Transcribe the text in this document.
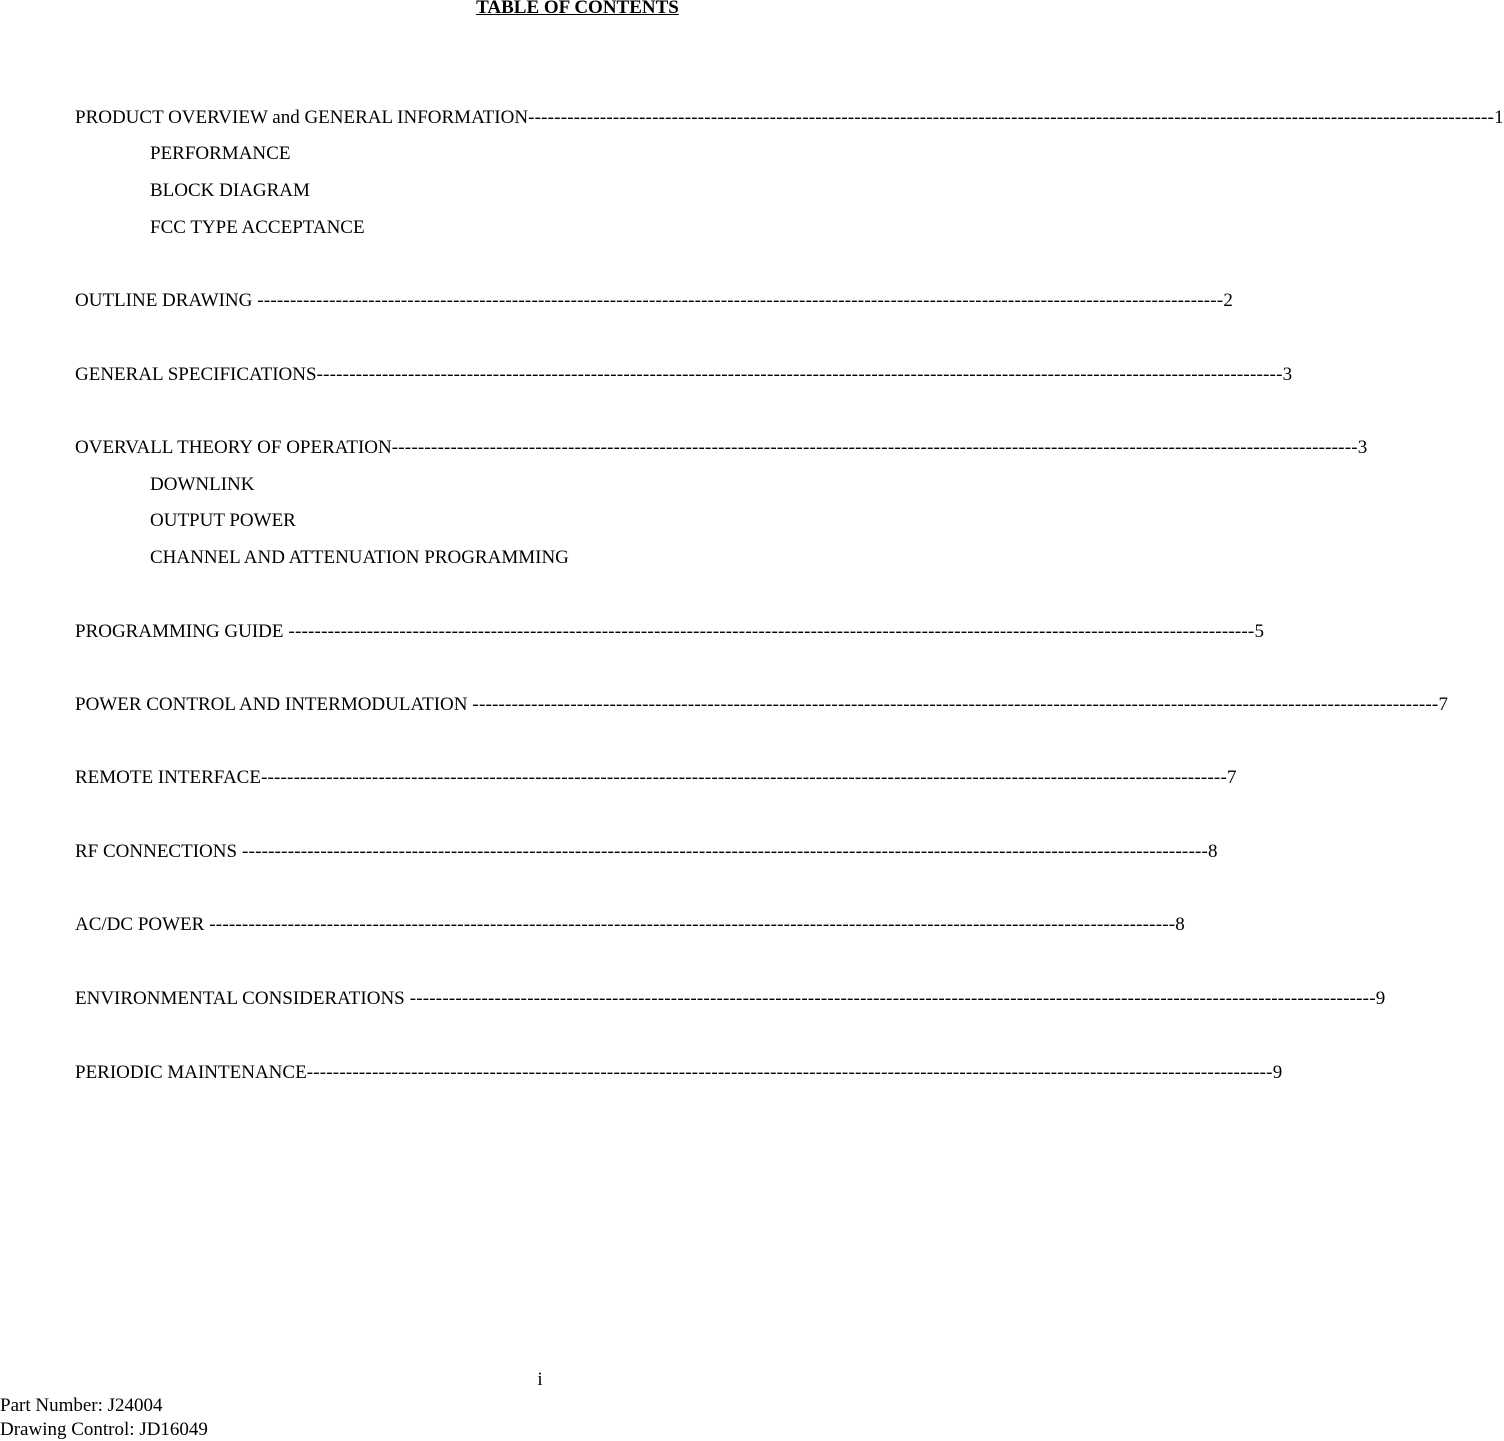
TABLE OF CONTENTS
PRODUCT OVERVIEW and GENERAL INFORMATION ---------------------------------------------------------------------------------------------------------------------------------------------------- 1
PERFORMANCE
BLOCK DIAGRAM
FCC TYPE ACCEPTANCE
OUTLINE DRAWING ---------------------------------------------------------------------------------------------------------------------------------------------------- 2
GENERAL SPECIFICATIONS ---------------------------------------------------------------------------------------------------------------------------------------------------- 3
OVERVALL THEORY OF OPERATION ---------------------------------------------------------------------------------------------------------------------------------------------------- 3
DOWNLINK
OUTPUT POWER
CHANNEL AND ATTENUATION PROGRAMMING
PROGRAMMING GUIDE ---------------------------------------------------------------------------------------------------------------------------------------------------- 5
POWER CONTROL AND INTERMODULATION ---------------------------------------------------------------------------------------------------------------------------------------------------- 7
REMOTE INTERFACE ---------------------------------------------------------------------------------------------------------------------------------------------------- 7
RF CONNECTIONS ---------------------------------------------------------------------------------------------------------------------------------------------------- 8
AC/DC POWER ---------------------------------------------------------------------------------------------------------------------------------------------------- 8
ENVIRONMENTAL CONSIDERATIONS ---------------------------------------------------------------------------------------------------------------------------------------------------- 9
PERIODIC MAINTENANCE ---------------------------------------------------------------------------------------------------------------------------------------------------- 9
i
Part Number: J24004
Drawing Control: JD16049
